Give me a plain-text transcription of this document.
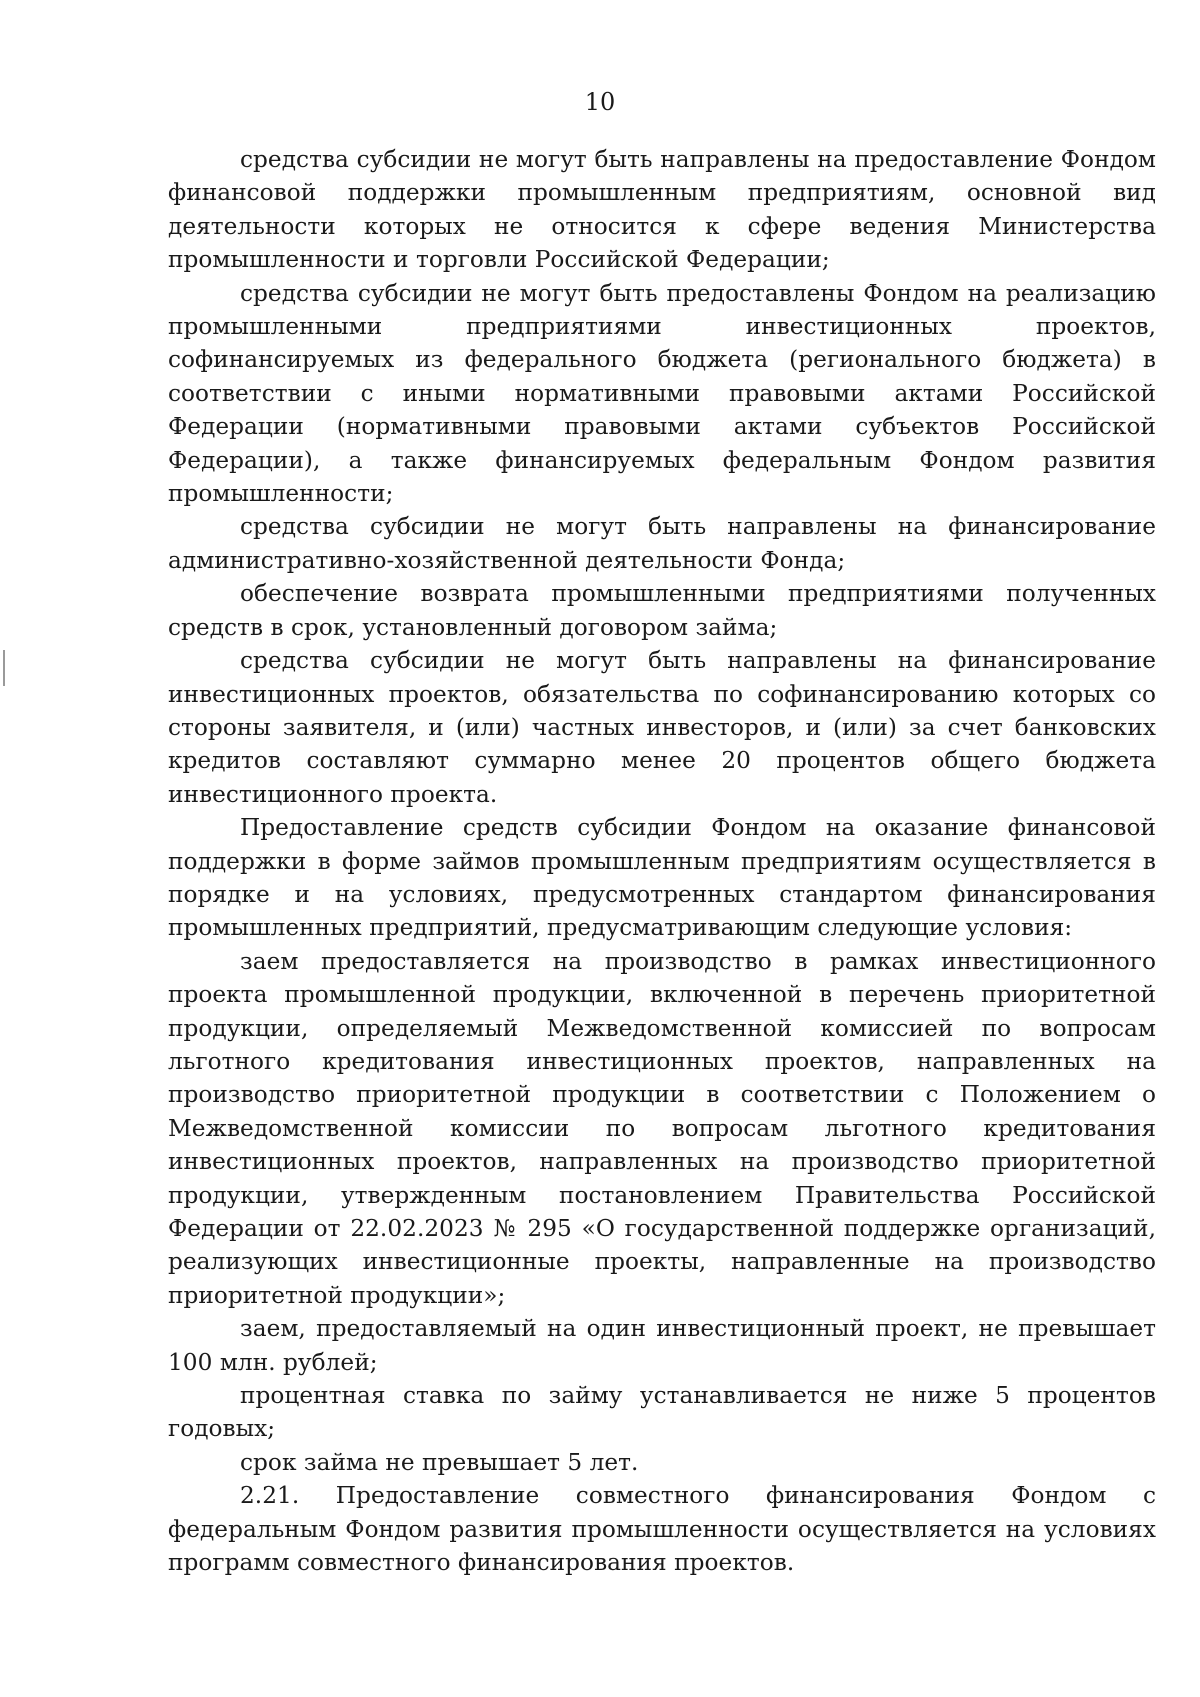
10

средства субсидии не могут быть направлены на предоставление Фондом финансовой поддержки промышленным предприятиям, основной вид деятельности которых не относится к сфере ведения Министерства промышленности и торговли Российской Федерации;

средства субсидии не могут быть предоставлены Фондом на реализацию промышленными предприятиями инвестиционных проектов, софинансируемых из федерального бюджета (регионального бюджета) в соответствии с иными нормативными правовыми актами Российской Федерации (нормативными правовыми актами субъектов Российской Федерации), а также финансируемых федеральным Фондом развития промышленности;

средства субсидии не могут быть направлены на финансирование административно-хозяйственной деятельности Фонда;

обеспечение возврата промышленными предприятиями полученных средств в срок, установленный договором займа;

средства субсидии не могут быть направлены на финансирование инвестиционных проектов, обязательства по софинансированию которых со стороны заявителя, и (или) частных инвесторов, и (или) за счет банковских кредитов составляют суммарно менее 20 процентов общего бюджета инвестиционного проекта.

Предоставление средств субсидии Фондом на оказание финансовой поддержки в форме займов промышленным предприятиям осуществляется в порядке и на условиях, предусмотренных стандартом финансирования промышленных предприятий, предусматривающим следующие условия:

заем предоставляется на производство в рамках инвестиционного проекта промышленной продукции, включенной в перечень приоритетной продукции, определяемый Межведомственной комиссией по вопросам льготного кредитования инвестиционных проектов, направленных на производство приоритетной продукции в соответствии с Положением о Межведомственной комиссии по вопросам льготного кредитования инвестиционных проектов, направленных на производство приоритетной продукции, утвержденным постановлением Правительства Российской Федерации от 22.02.2023 № 295 «О государственной поддержке организаций, реализующих инвестиционные проекты, направленные на производство приоритетной продукции»;

заем, предоставляемый на один инвестиционный проект, не превышает 100 млн. рублей;

процентная ставка по займу устанавливается не ниже 5 процентов годовых;

срок займа не превышает 5 лет.

2.21. Предоставление совместного финансирования Фондом с федеральным Фондом развития промышленности осуществляется на условиях программ совместного финансирования проектов.
